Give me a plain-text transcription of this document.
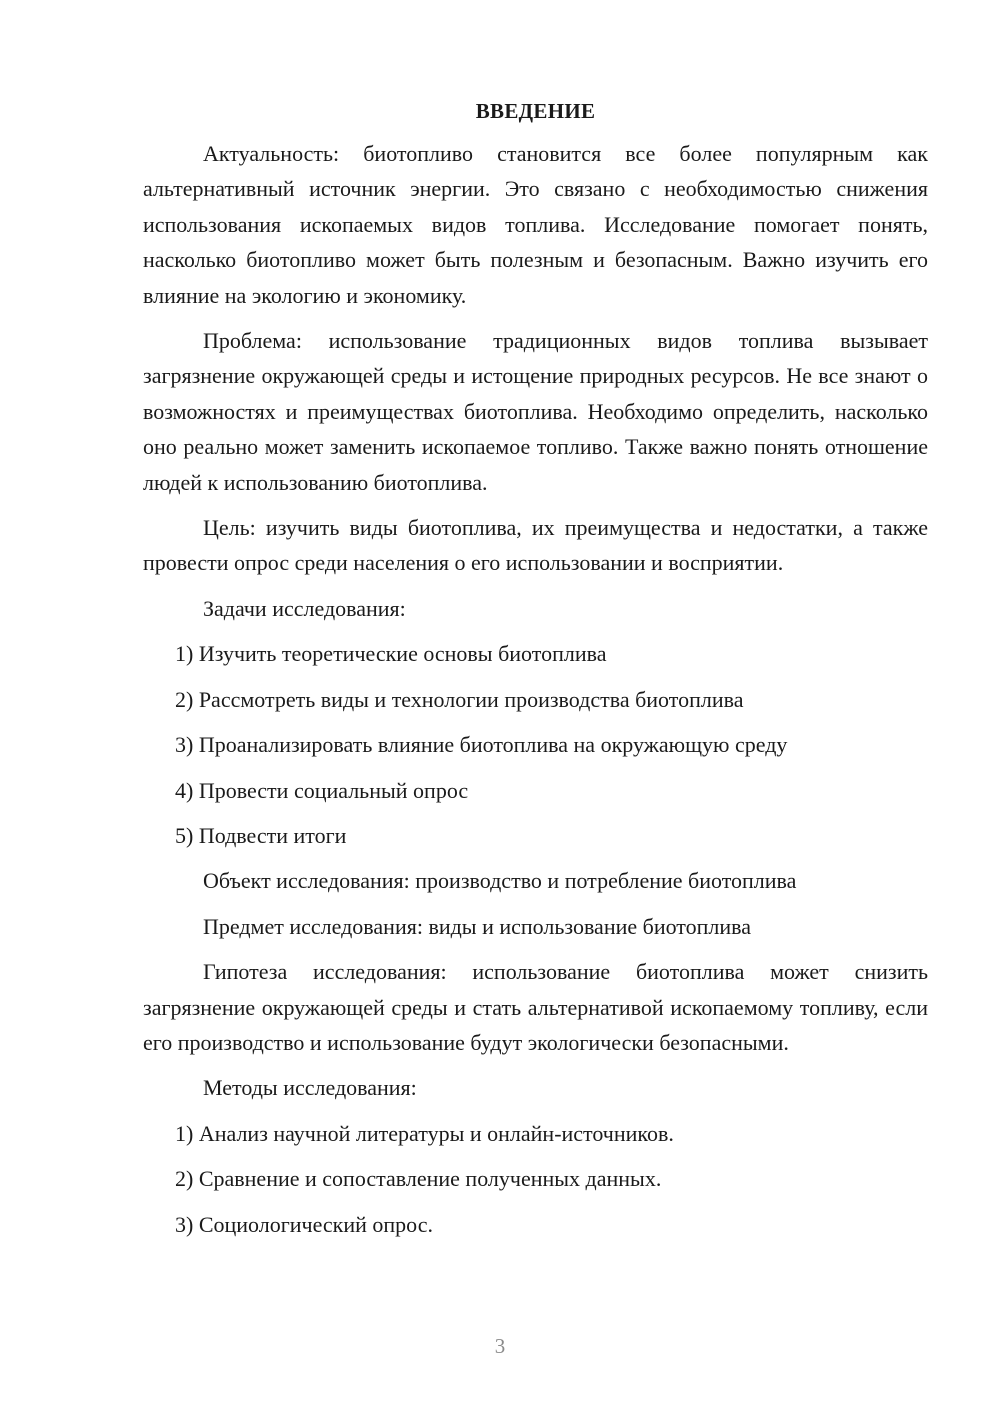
ВВЕДЕНИЕ

Актуальность: биотопливо становится все более популярным как альтернативный источник энергии. Это связано с необходимостью снижения использования ископаемых видов топлива. Исследование помогает понять, насколько биотопливо может быть полезным и безопасным. Важно изучить его влияние на экологию и экономику.

Проблема: использование традиционных видов топлива вызывает загрязнение окружающей среды и истощение природных ресурсов. Не все знают о возможностях и преимуществах биотоплива. Необходимо определить, насколько оно реально может заменить ископаемое топливо. Также важно понять отношение людей к использованию биотоплива.

Цель: изучить виды биотоплива, их преимущества и недостатки, а также провести опрос среди населения о его использовании и восприятии.

Задачи исследования:

1) Изучить теоретические основы биотоплива
2) Рассмотреть виды и технологии производства биотоплива
3) Проанализировать влияние биотоплива на окружающую среду
4) Провести социальный опрос
5) Подвести итоги

Объект исследования: производство и потребление биотоплива

Предмет исследования: виды и использование биотоплива

Гипотеза исследования: использование биотоплива может снизить загрязнение окружающей среды и стать альтернативой ископаемому топливу, если его производство и использование будут экологически безопасными.

Методы исследования:

1) Анализ научной литературы и онлайн-источников.
2) Сравнение и сопоставление полученных данных.
3) Социологический опрос.
3
